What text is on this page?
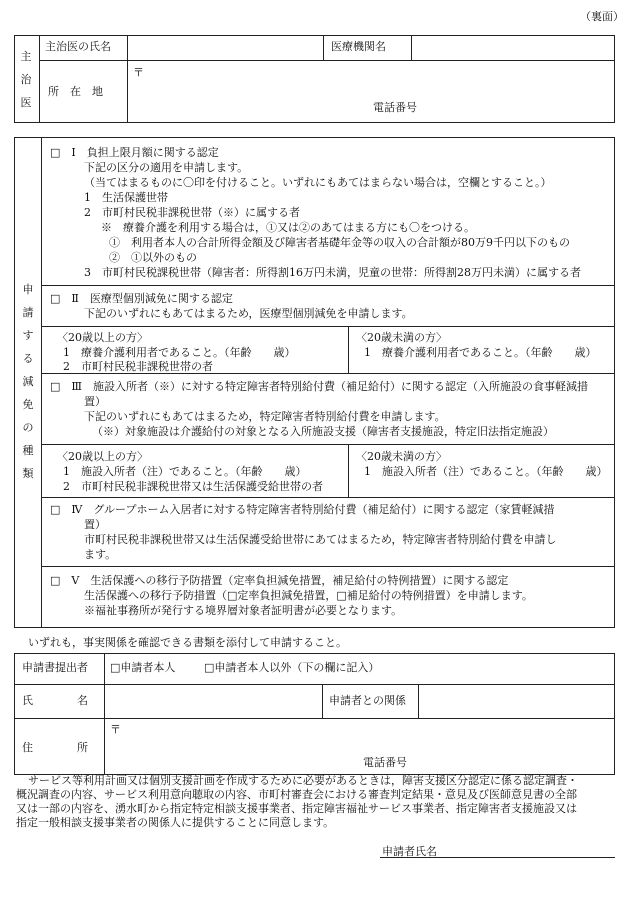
（裏面）
主治医
主治医の氏名	医療機関名
所　在　地
〒
電話番号
申請する減免の種類
□　Ⅰ　負担上限月額に関する認定
下記の区分の適用を申請します。
（当てはまるものに〇印を付けること。いずれにもあてはまらない場合は，空欄とすること。）
1　生活保護世帯
2　市町村民税非課税世帯（※）に属する者
※　療養介護を利用する場合は，①又は②のあてはまる方にも〇をつける。
①　利用者本人の合計所得金額及び障害者基礎年金等の収入の合計額が80万9千円以下のもの
②　①以外のもの
3　市町村民税課税世帯（障害者：所得割16万円未満，児童の世帯：所得割28万円未満）に属する者
□　Ⅱ　医療型個別減免に関する認定
下記のいずれにもあてはまるため，医療型個別減免を申請します。
〈20歳以上の方〉
1　療養介護利用者であること。（年齢　　歳）
2　市町村民税非課税世帯の者
〈20歳未満の方〉
1　療養介護利用者であること。（年齢　　歳）
□　Ⅲ　施設入所者（※）に対する特定障害者特別給付費（補足給付）に関する認定（入所施設の食事軽減措
置）
下記のいずれにもあてはまるため，特定障害者特別給付費を申請します。
（※）対象施設は介護給付の対象となる入所施設支援（障害者支援施設，特定旧法指定施設）
〈20歳以上の方〉
1　施設入所者（注）であること。（年齢　　歳）
2　市町村民税非課税世帯又は生活保護受給世帯の者
〈20歳未満の方〉
1　施設入所者（注）であること。（年齢　　歳）
□　Ⅳ　グループホーム入居者に対する特定障害者特別給付費（補足給付）に関する認定（家賃軽減措
置）
市町村民税非課税世帯又は生活保護受給世帯にあてはまるため，特定障害者特別給付費を申請し
ます。
□　Ⅴ　生活保護への移行予防措置（定率負担減免措置，補足給付の特例措置）に関する認定
生活保護への移行予防措置（□定率負担減免措置，□補足給付の特例措置）を申請します。
※福祉事務所が発行する境界層対象者証明書が必要となります。
いずれも，事実関係を確認できる書類を添付して申請すること。
申請書提出者 □申請者本人	□申請者本人以外（下の欄に記入）
氏　　　　名	申請者との関係
住　　　　所
〒
電話番号
サービス等利用計画又は個別支援計画を作成するために必要があるときは，障害支援区分認定に係る認定調査・
概況調査の内容、サービス利用意向聴取の内容、市町村審査会における審査判定結果・意見及び医師意見書の全部
又は一部の内容を、湧水町から指定特定相談支援事業者、指定障害福祉サービス事業者、指定障害者支援施設又は
指定一般相談支援事業者の関係人に提供することに同意します。
申請者氏名
